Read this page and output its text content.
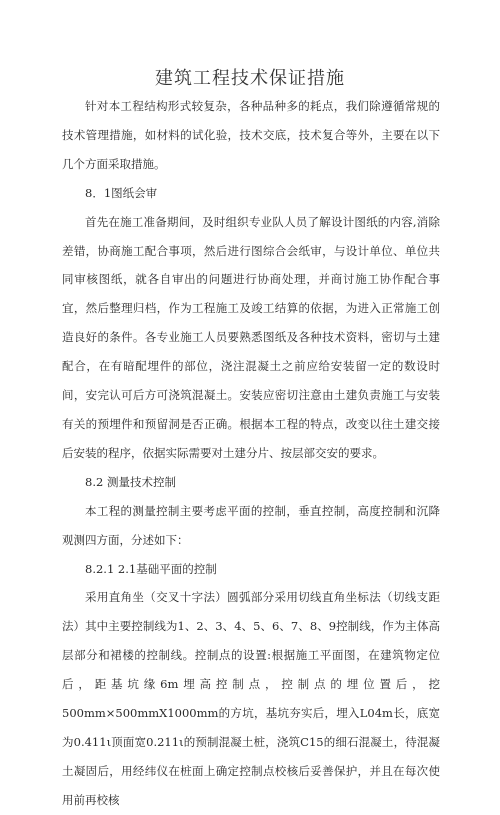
建筑工程技术保证措施

针对本工程结构形式较复杂，各种品种多的耗点，我们除遵循常规的技术管理措施，如材料的试化验，技术交底，技术复合等外，主要在以下几个方面采取措施。

8．1图纸会审

首先在施工准备期间，及时组织专业队人员了解设计图纸的内容,消除差错，协商施工配合事项，然后进行图综合会纸审，与设计单位、单位共同审核图纸，就各自审出的问题进行协商处理，并商讨施工协作配合事宜，然后整理归档，作为工程施工及竣工结算的依据，为进入正常施工创造良好的条件。各专业施工人员要熟悉图纸及各种技术资料，密切与土建配合，在有暗配埋件的部位，浇注混凝土之前应给安装留一定的数设时间，安完认可后方可浇筑混凝土。安装应密切注意由土建负责施工与安装有关的预埋件和预留洞是否正确。根据本工程的特点，改变以往土建交接后安装的程序，依据实际需要对土建分片、按层部交安的要求。

8.2 测量技术控制

本工程的测量控制主要考虑平面的控制，垂直控制，高度控制和沉降观测四方面，分述如下：

8.2.1 2.1基础平面的控制

采用直角坐（交叉十字法）圆弧部分采用切线直角坐标法（切线支距法）其中主要控制线为1、2、3、4、5、6、7、8、9控制线，作为主体高层部分和裙楼的控制线。控制点的设置:根据施工平面图，在建筑物定位后，距基坑缘6m埋高控制点，控制点的埋位置后，挖500mm×500mmX1000mm的方坑，基坑夯实后，埋入L04m长，底宽为0.411ι顶面宽0.211ι的预制混凝土桩，浇筑C15的细石混凝土，待混凝土凝固后，用经纬仪在桩面上确定控制点校核后妥善保护，并且在每次使用前再校核
